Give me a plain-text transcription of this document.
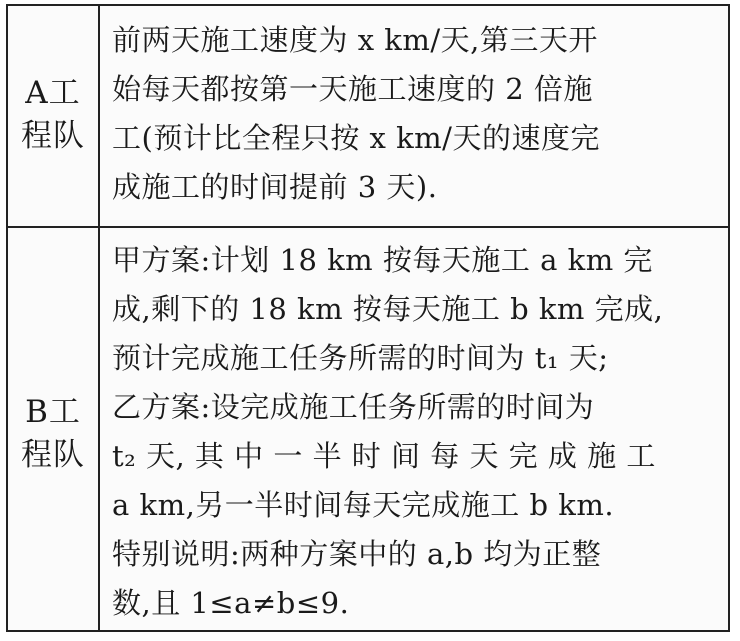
A工
程队
前两天施工速度为 x km/天,第三天开
始每天都按第一天施工速度的 2 倍施
工(预计比全程只按 x km/天的速度完
成施工的时间提前 3 天).
B工
程队
甲方案:计划 18 km 按每天施工 a km 完
成,剩下的 18 km 按每天施工 b km 完成,
预计完成施工任务所需的时间为 t₁ 天;
乙方案:设完成施工任务所需的时间为
t₂ 天, 其 中 一 半 时 间 每 天 完 成 施 工
a km,另一半时间每天完成施工 b km.
特别说明:两种方案中的 a,b 均为正整
数,且 1≤a≠b≤9.
